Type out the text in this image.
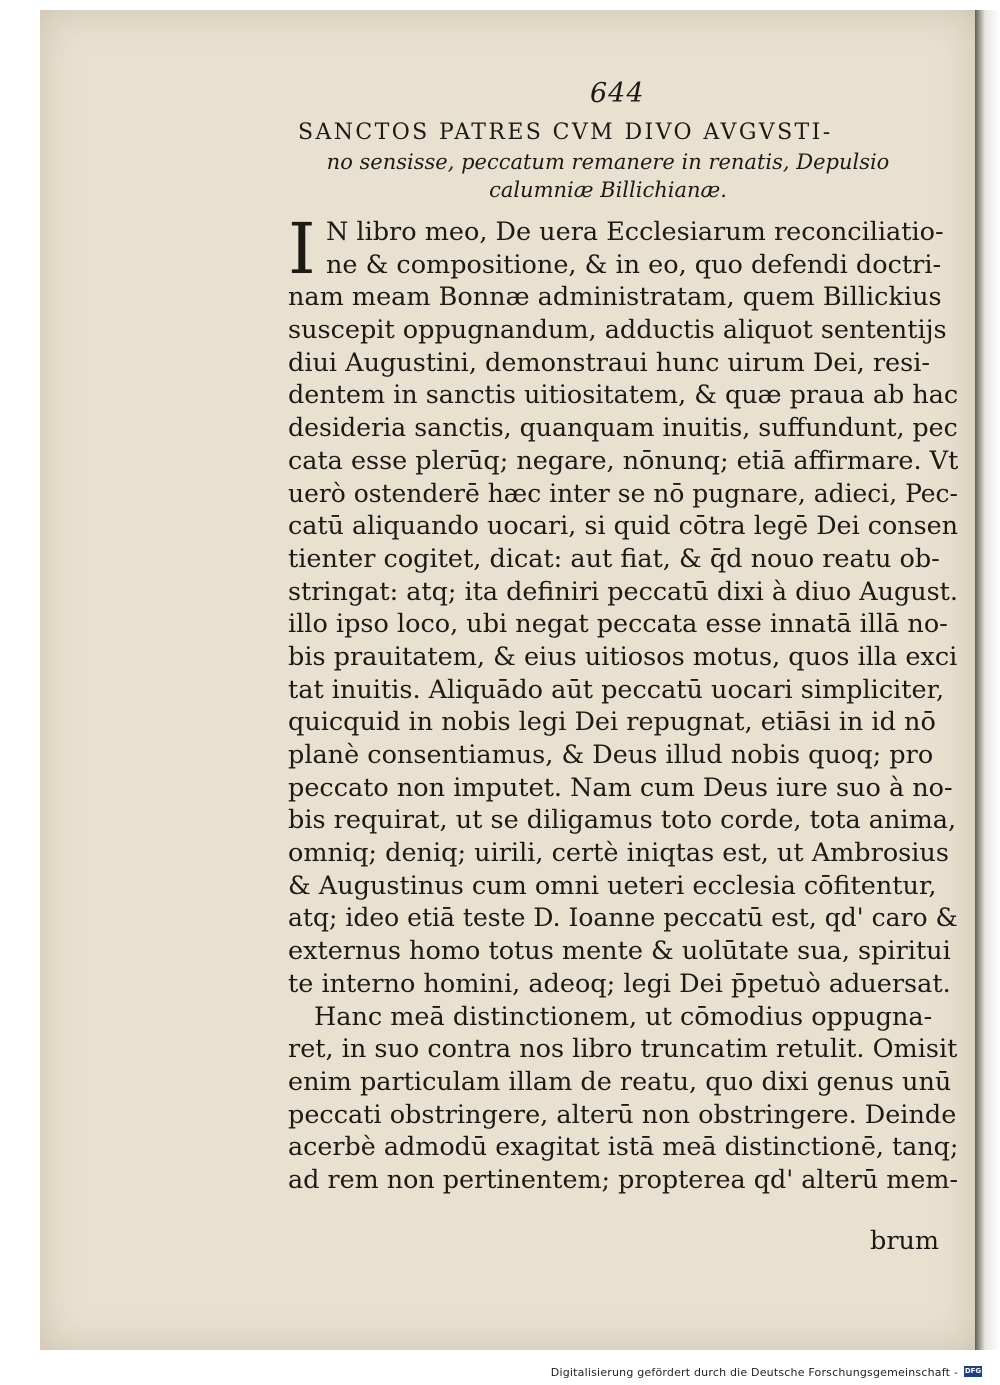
644
SANCTOS PATRES CVM DIVO AVGVSTI-
no sensisse, peccatum remanere in renatis, Depulsio
calumniæ Billichianæ.
I N libro meo, De uera Ecclesiarum reconciliatio-
ne & compositione, & in eo, quo defendi doctri-
nam meam Bonnæ administratam, quem Billickius
suscepit oppugnandum, adductis aliquot sententijs
diui Augustini, demonstraui hunc uirum Dei, resi-
dentem in sanctis uitiositatem, & quæ praua ab hac
desideria sanctis, quanquam inuitis, suffundunt, pec
cata esse plerūq; negare, nōnunq; etiā affirmare. Vt
uerò ostenderē hæc inter se nō pugnare, adieci, Pec-
catū aliquando uocari, si quid cōtra legē Dei consen
tienter cogitet, dicat: aut fiat, & q̄d nouo reatu ob-
stringat: atq; ita definiri peccatū dixi à diuo August.
illo ipso loco, ubi negat peccata esse innatā illā no-
bis prauitatem, & eius uitiosos motus, quos illa exci
tat inuitis. Aliquādo aūt peccatū uocari simpliciter,
quicquid in nobis legi Dei repugnat, etiāsi in id nō
planè consentiamus, & Deus illud nobis quoq; pro
peccato non imputet. Nam cum Deus iure suo à no-
bis requirat, ut se diligamus toto corde, tota anima,
omniq; deniq; uirili, certè iniqtas est, ut Ambrosius
& Augustinus cum omni ueteri ecclesia cōfitentur,
atq; ideo etiā teste D. Ioanne peccatū est, qd' caro &
externus homo totus mente & uolūtate sua, spiritui
te interno homini, adeoq; legi Dei p̄petuò aduersat.
Hanc meā distinctionem, ut cōmodius oppugna-
ret, in suo contra nos libro truncatim retulit. Omisit
enim particulam illam de reatu, quo dixi genus unū
peccati obstringere, alterū non obstringere. Deinde
acerbè admodū exagitat istā meā distinctionē, tanq;
ad rem non pertinentem; propterea qd' alterū mem-
brum
Digitalisierung gefördert durch die Deutsche Forschungsgemeinschaft - DFG
